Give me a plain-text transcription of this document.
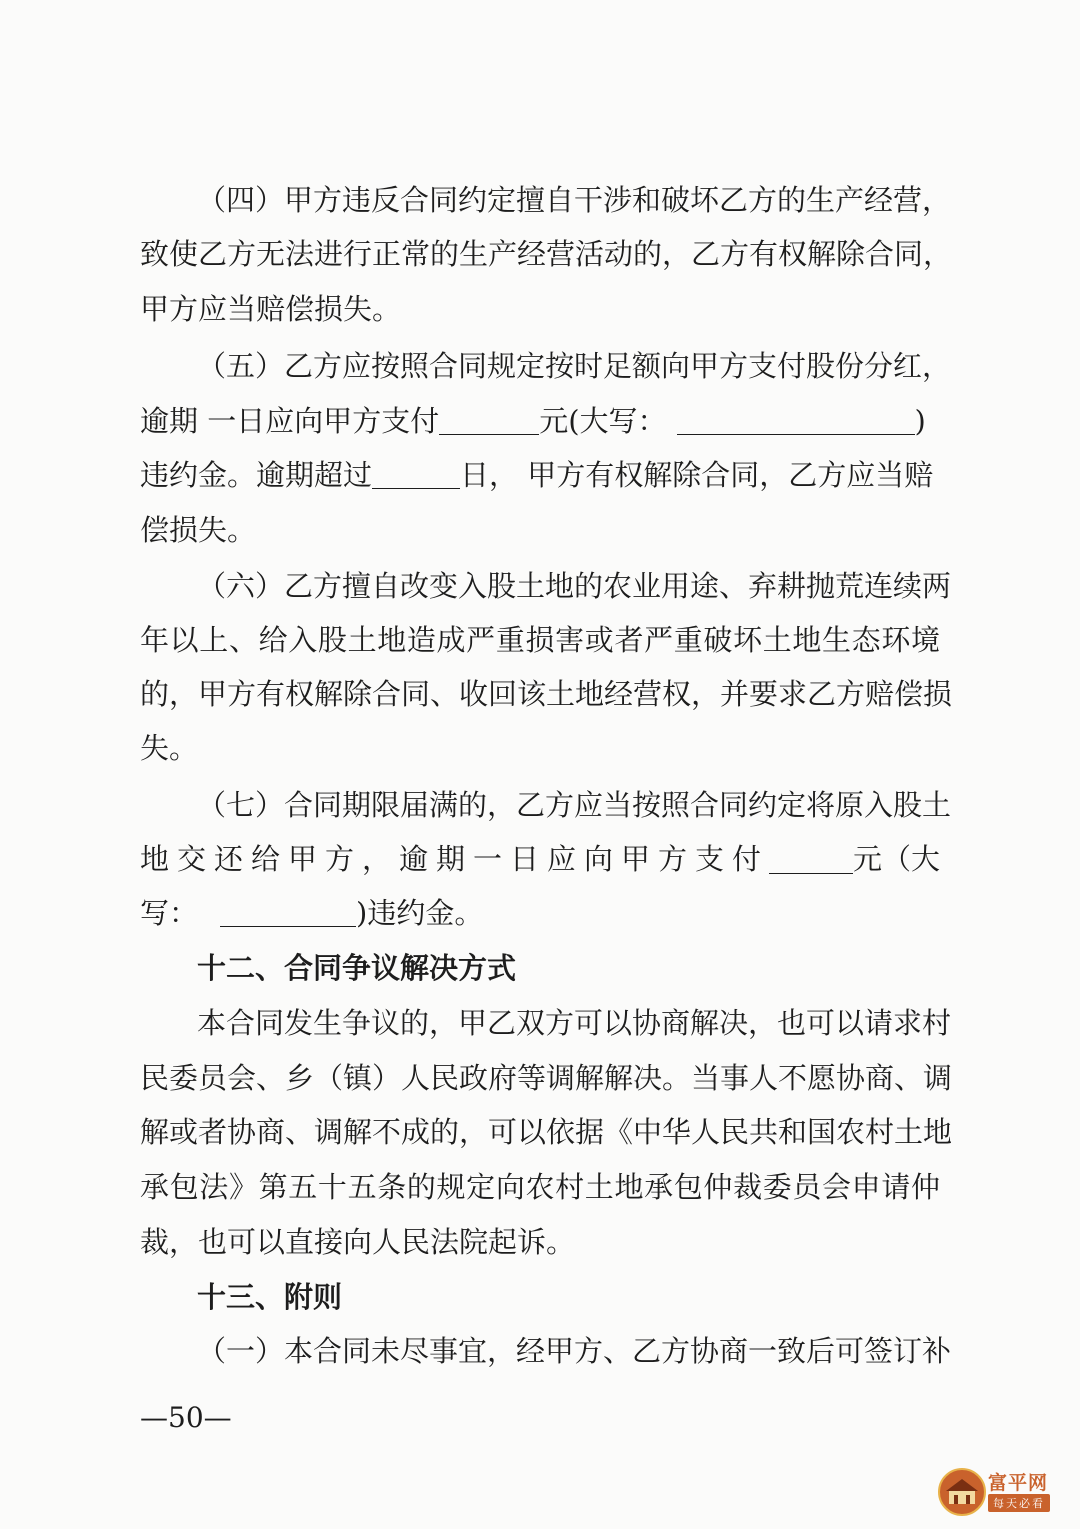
（四）甲方违反合同约定擅自干涉和破坏乙方的生产经营，
致使乙方无法进行正常的生产经营活动的，乙方有权解除合同，
甲方应当赔偿损失。
（五）乙方应按照合同规定按时足额向甲方支付股份分红，
逾期 一日应向甲方支付	元(大写：	)
违约金。逾期超过	日， 甲方有权解除合同，乙方应当赔
偿损失。
（六）乙方擅自改变入股土地的农业用途、弃耕抛荒连续两
年以上、给入股土地造成严重损害或者严重破坏土地生态环境
的，甲方有权解除合同、收回该土地经营权，并要求乙方赔偿损
失。
（七）合同期限届满的，乙方应当按照合同约定将原入股土
地交还给甲方，逾期一日应向甲方支付	元（大
写：	)违约金。
十二、合同争议解决方式
本合同发生争议的，甲乙双方可以协商解决，也可以请求村
民委员会、乡（镇）人民政府等调解解决。当事人不愿协商、调
解或者协商、调解不成的，可以依据《中华人民共和国农村土地
承包法》第五十五条的规定向农村土地承包仲裁委员会申请仲
裁，也可以直接向人民法院起诉。
十三、附则
（一）本合同未尽事宜，经甲方、乙方协商一致后可签订补
—50—
富平网
每天必看
